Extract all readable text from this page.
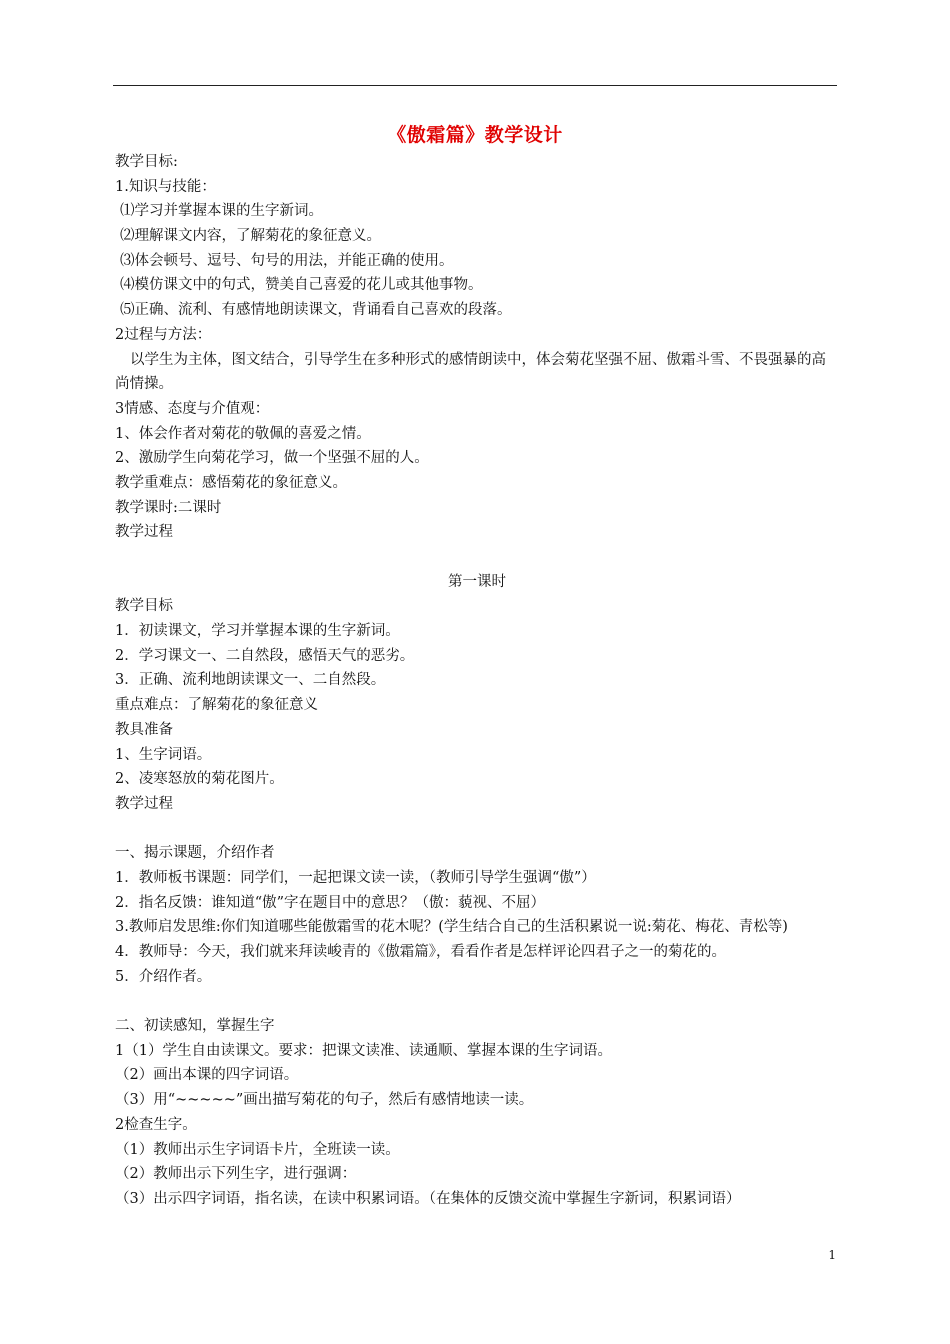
《傲霜篇》教学设计
教学目标:
1.知识与技能：
⑴学习并掌握本课的生字新词。
⑵理解课文内容，了解菊花的象征意义。
⑶体会顿号、逗号、句号的用法，并能正确的使用。
⑷模仿课文中的句式，赞美自己喜爱的花儿或其他事物。
⑸正确、流利、有感情地朗读课文，背诵看自己喜欢的段落。
2过程与方法：
以学生为主体，图文结合，引导学生在多种形式的感情朗读中，体会菊花坚强不屈、傲霜斗雪、不畏强暴的高尚情操。
3情感、态度与介值观：
1、体会作者对菊花的敬佩的喜爱之情。
2、激励学生向菊花学习，做一个坚强不屈的人。
教学重难点：感悟菊花的象征意义。
教学课时:二课时
教学过程
第一课时
教学目标
1．初读课文，学习并掌握本课的生字新词。
2．学习课文一、二自然段，感悟天气的恶劣。
3．正确、流利地朗读课文一、二自然段。
重点难点：了解菊花的象征意义
教具准备
1、生字词语。
2、凌寒怒放的菊花图片。
教学过程
一、揭示课题，介绍作者
1．教师板书课题：同学们，一起把课文读一读，（教师引导学生强调“傲”）
2．指名反馈：谁知道“傲”字在题目中的意思？（傲：藐视、不屈）
3.教师启发思维:你们知道哪些能傲霜雪的花木呢？(学生结合自己的生活积累说一说:菊花、梅花、青松等)
4．教师导：今天，我们就来拜读峻青的《傲霜篇》，看看作者是怎样评论四君子之一的菊花的。
5．介绍作者。
二、初读感知，掌握生字
1（1）学生自由读课文。要求：把课文读准、读通顺、掌握本课的生字词语。
（2）画出本课的四字词语。
（3）用“~~~~~”画出描写菊花的句子，然后有感情地读一读。
2检查生字。
（1）教师出示生字词语卡片，全班读一读。
（2）教师出示下列生字，进行强调：
（3）出示四字词语，指名读，在读中积累词语。（在集体的反馈交流中掌握生字新词，积累词语）
1
